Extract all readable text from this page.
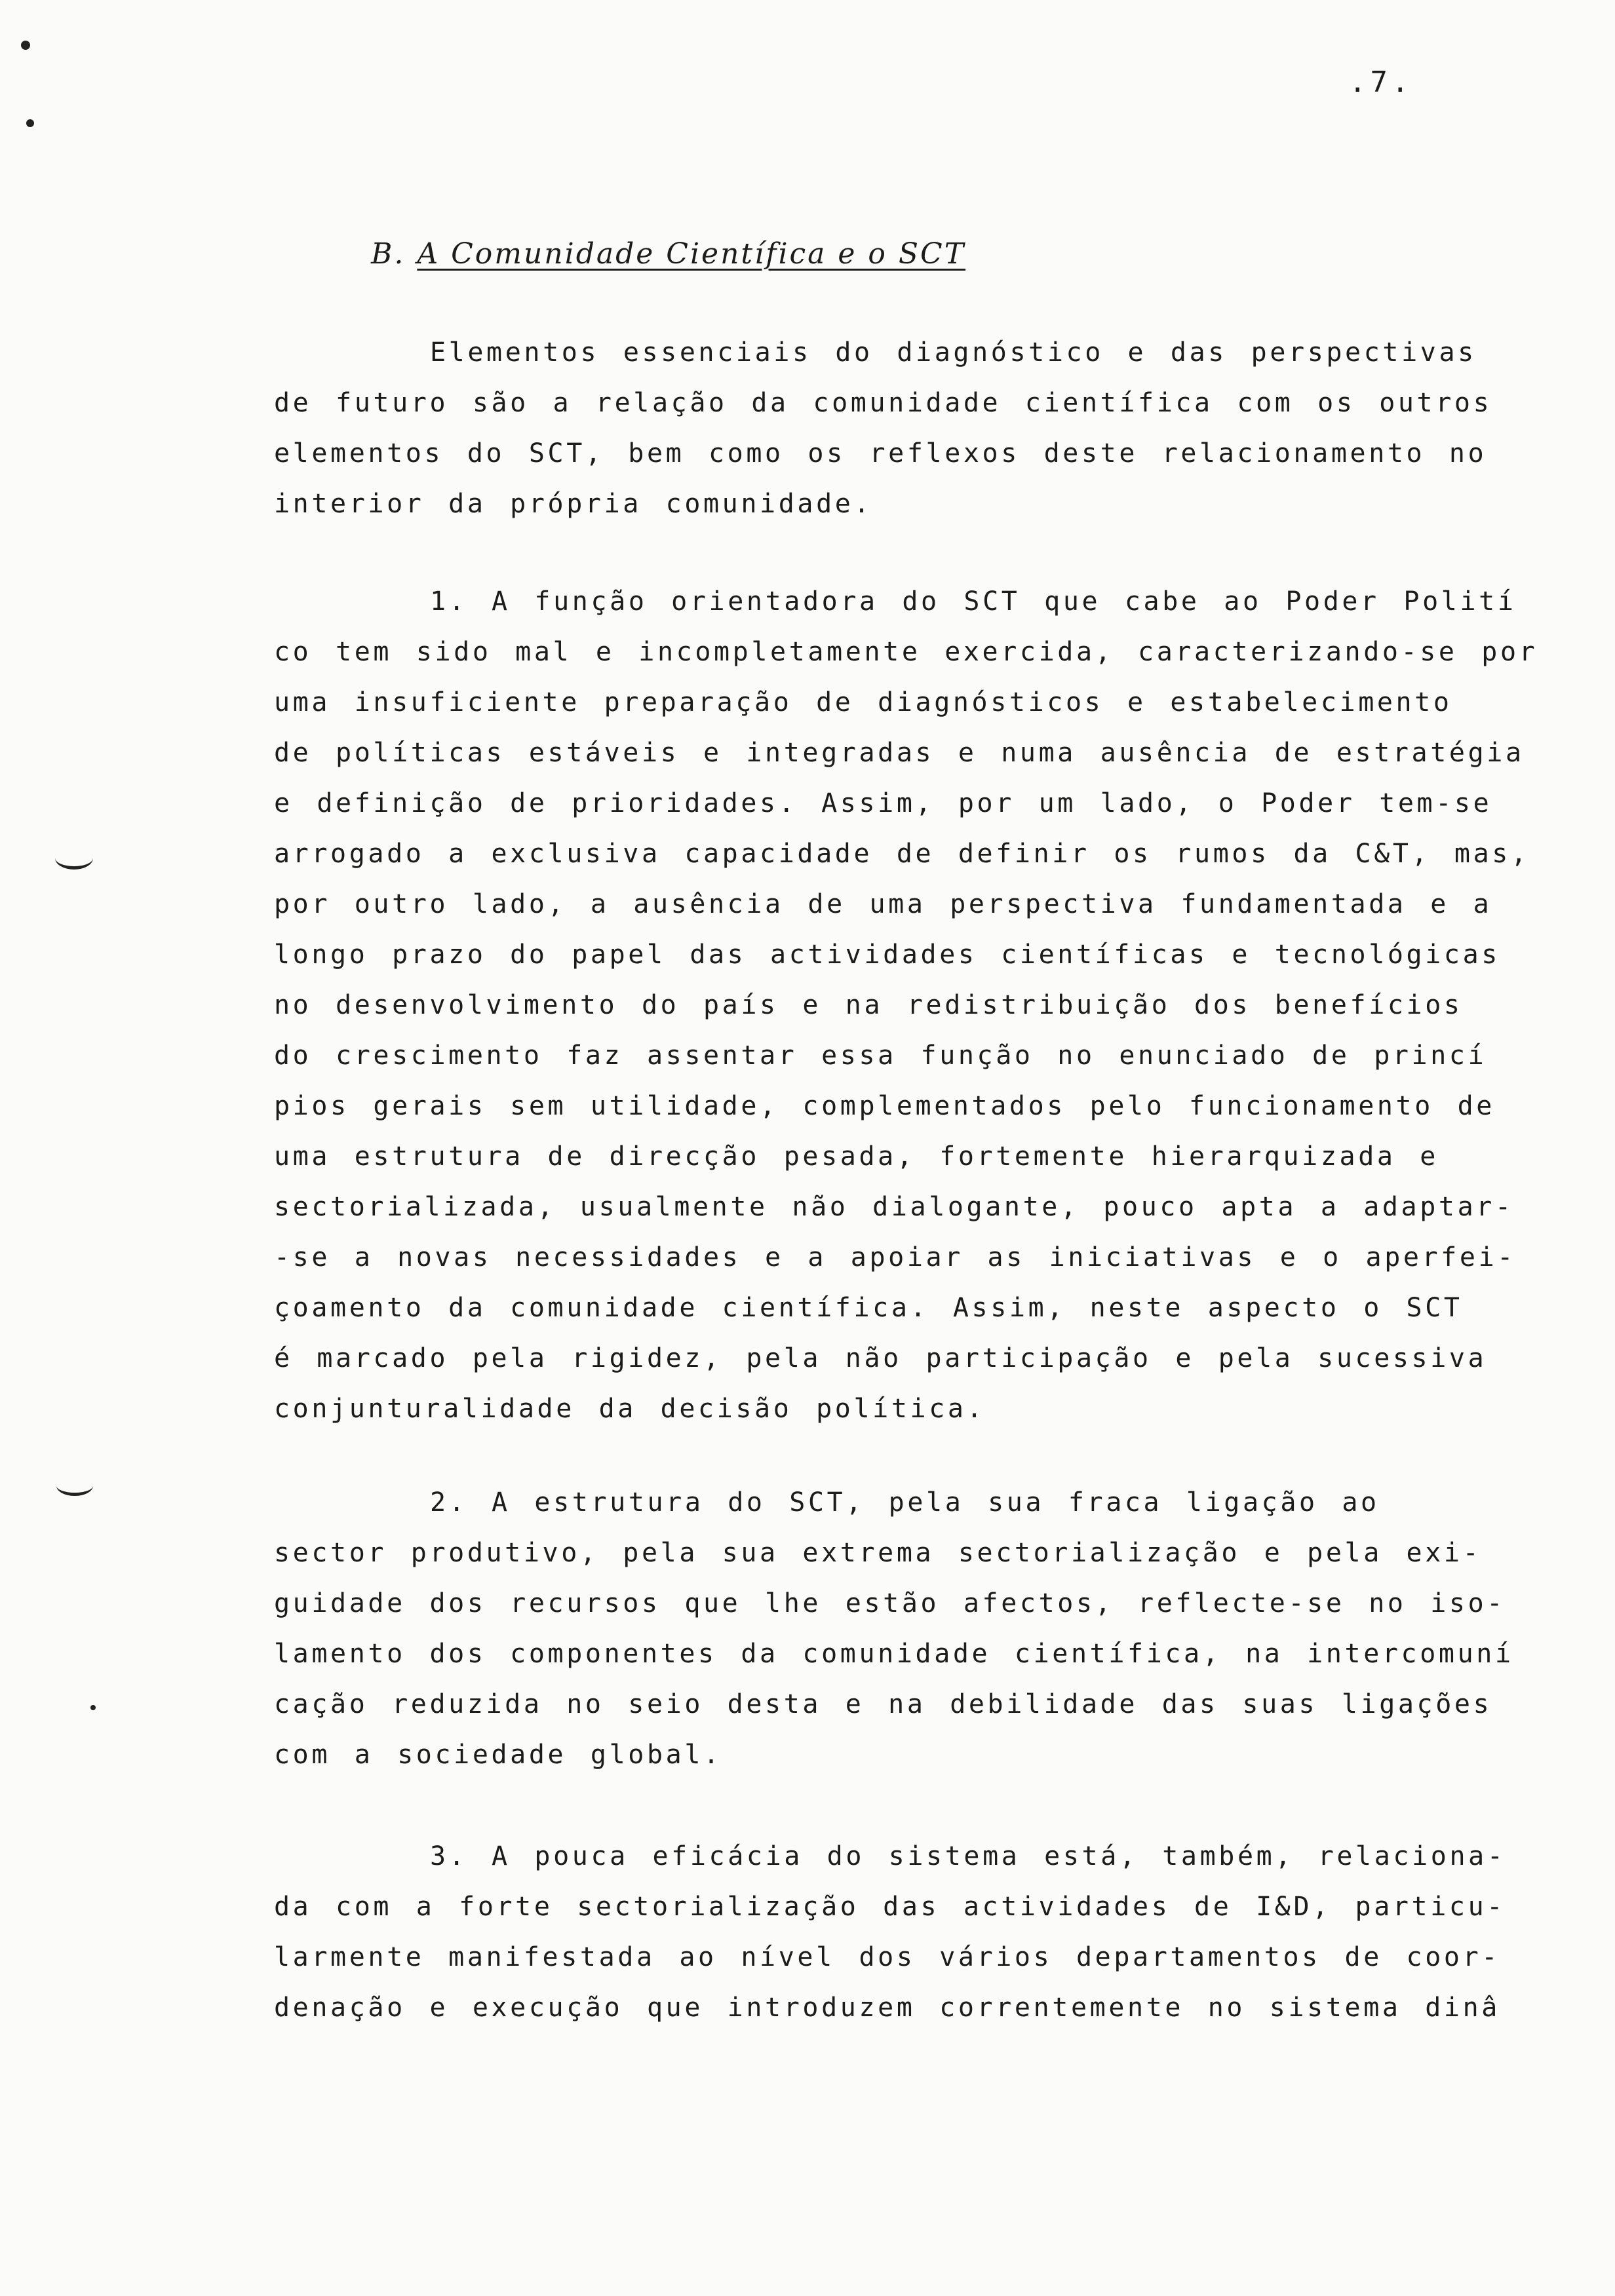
.7.
B. A Comunidade Científica e o SCT
Elementos essenciais do diagnóstico e das perspectivas
de futuro são a relação da comunidade científica com os outros
elementos do SCT, bem como os reflexos deste relacionamento no
interior da própria comunidade.
1. A função orientadora do SCT que cabe ao Poder Polití
co tem sido mal e incompletamente exercida, caracterizando-se por
uma insuficiente preparação de diagnósticos e estabelecimento
de políticas estáveis e integradas e numa ausência de estratégia
e definição de prioridades. Assim, por um lado, o Poder tem-se
arrogado a exclusiva capacidade de definir os rumos da C&T, mas,
por outro lado, a ausência de uma perspectiva fundamentada e a
longo prazo do papel das actividades científicas e tecnológicas
no desenvolvimento do país e na redistribuição dos benefícios
do crescimento faz assentar essa função no enunciado de princí
pios gerais sem utilidade, complementados pelo funcionamento de
uma estrutura de direcção pesada, fortemente hierarquizada e
sectorializada, usualmente não dialogante, pouco apta a adaptar-
-se a novas necessidades e a apoiar as iniciativas e o aperfei-
çoamento da comunidade científica. Assim, neste aspecto o SCT
é marcado pela rigidez, pela não participação e pela sucessiva
conjunturalidade da decisão política.
2. A estrutura do SCT, pela sua fraca ligação ao
sector produtivo, pela sua extrema sectorialização e pela exi-
guidade dos recursos que lhe estão afectos, reflecte-se no iso-
lamento dos componentes da comunidade científica, na intercomuní
cação reduzida no seio desta e na debilidade das suas ligações
com a sociedade global.
3. A pouca eficácia do sistema está, também, relaciona-
da com a forte sectorialização das actividades de I&D, particu-
larmente manifestada ao nível dos vários departamentos de coor-
denação e execução que introduzem correntemente no sistema dinâ
